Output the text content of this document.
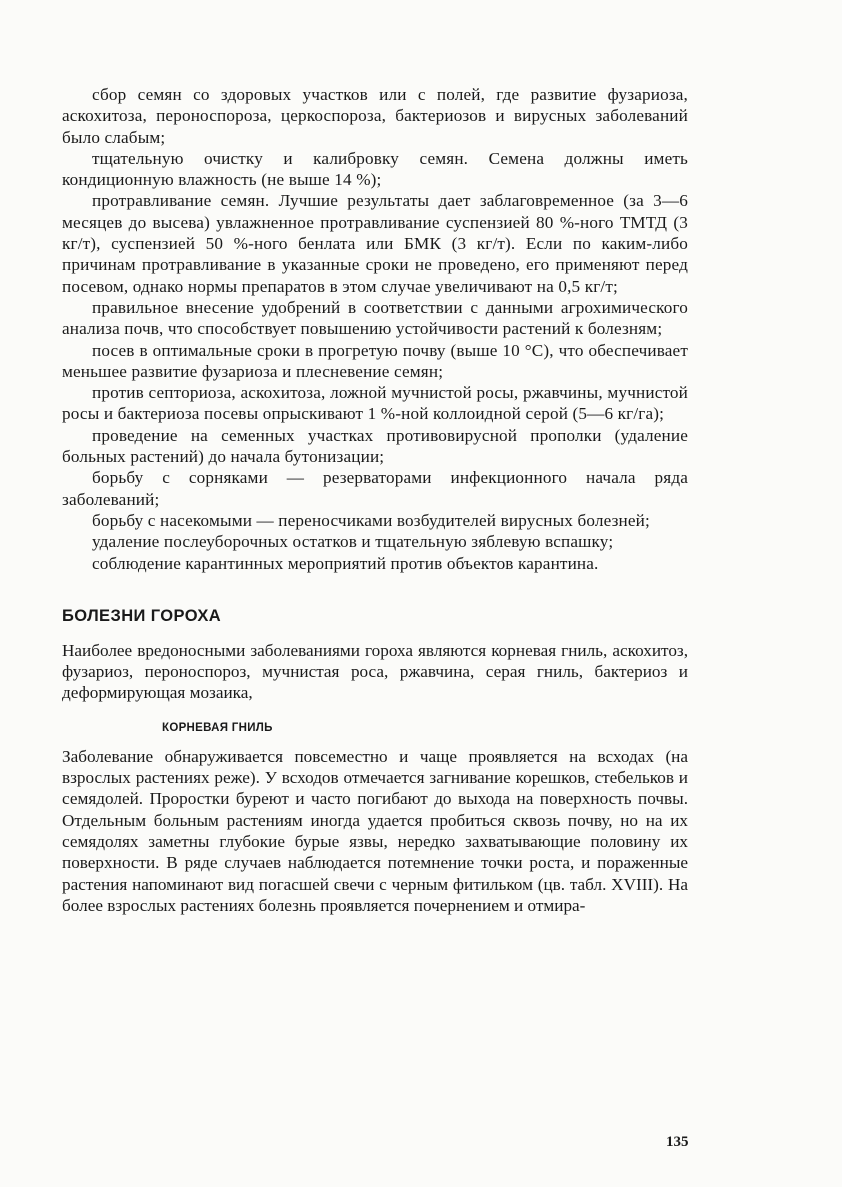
сбор семян со здоровых участков или с полей, где развитие фузариоза, аскохитоза, пероноспороза, церкоспороза, бактериозов и вирусных заболеваний было слабым;

тщательную очистку и калибровку семян. Семена должны иметь кондиционную влажность (не выше 14 %);

протравливание семян. Лучшие результаты дает заблаговременное (за 3—6 месяцев до высева) увлажненное протравливание суспензией 80 %-ного ТМТД (3 кг/т), суспензией 50 %-ного бенлата или БМК (3 кг/т). Если по каким-либо причинам протравливание в указанные сроки не проведено, его применяют перед посевом, однако нормы препаратов в этом случае увеличивают на 0,5 кг/т;

правильное внесение удобрений в соответствии с данными агрохимического анализа почв, что способствует повышению устойчивости растений к болезням;

посев в оптимальные сроки в прогретую почву (выше 10 °С), что обеспечивает меньшее развитие фузариоза и плесневение семян;

против септориоза, аскохитоза, ложной мучнистой росы, ржавчины, мучнистой росы и бактериоза посевы опрыскивают 1 %-ной коллоидной серой (5—6 кг/га);

проведение на семенных участках противовирусной прополки (удаление больных растений) до начала бутонизации;

борьбу с сорняками — резерваторами инфекционного начала ряда заболеваний;

борьбу с насекомыми — переносчиками возбудителей вирусных болезней;

удаление послеуборочных остатков и тщательную зяблевую вспашку;

соблюдение карантинных мероприятий против объектов карантина.

БОЛЕЗНИ ГОРОХА

Наиболее вредоносными заболеваниями гороха являются корневая гниль, аскохитоз, фузариоз, пероноспороз, мучнистая роса, ржавчина, серая гниль, бактериоз и деформирующая мозаика,

КОРНЕВАЯ ГНИЛЬ

Заболевание обнаруживается повсеместно и чаще проявляется на всходах (на взрослых растениях реже). У всходов отмечается загнивание корешков, стебельков и семядолей. Проростки буреют и часто погибают до выхода на поверхность почвы. Отдельным больным растениям иногда удается пробиться сквозь почву, но на их семядолях заметны глубокие бурые язвы, нередко захватывающие половину их поверхности. В ряде случаев наблюдается потемнение точки роста, и пораженные растения напоминают вид погасшей свечи с черным фитильком (цв. табл. XVIII). На более взрослых растениях болезнь проявляется почернением и отмира-

135
